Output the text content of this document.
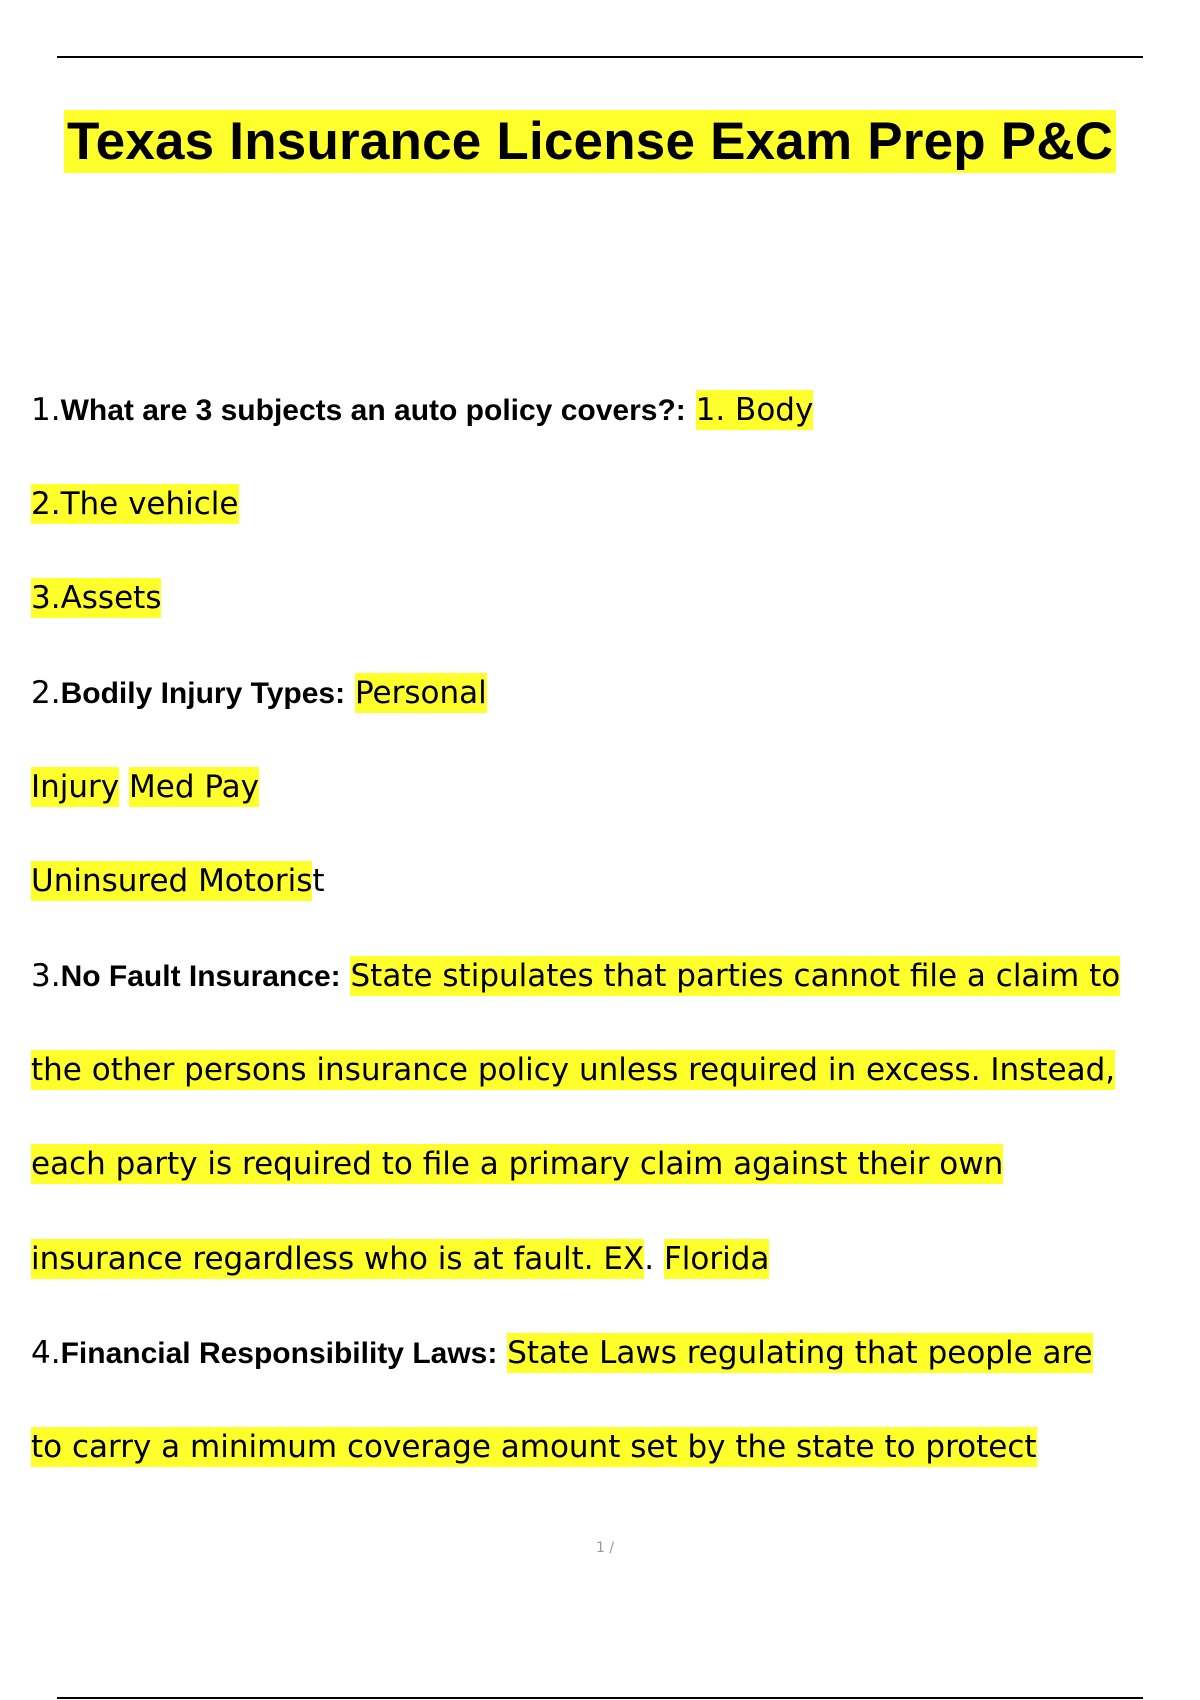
Texas Insurance License Exam Prep P&C

1.What are 3 subjects an auto policy covers?: 1. Body

2.The vehicle

3.Assets

2.Bodily Injury Types: Personal

Injury Med Pay

Uninsured Motorist

3.No Fault Insurance: State stipulates that parties cannot file a claim to

the other persons insurance policy unless required in excess. Instead,

each party is required to file a primary claim against their own

insurance regardless who is at fault. EX. Florida

4.Financial Responsibility Laws: State Laws regulating that people are

to carry a minimum coverage amount set by the state to protect

1 /
